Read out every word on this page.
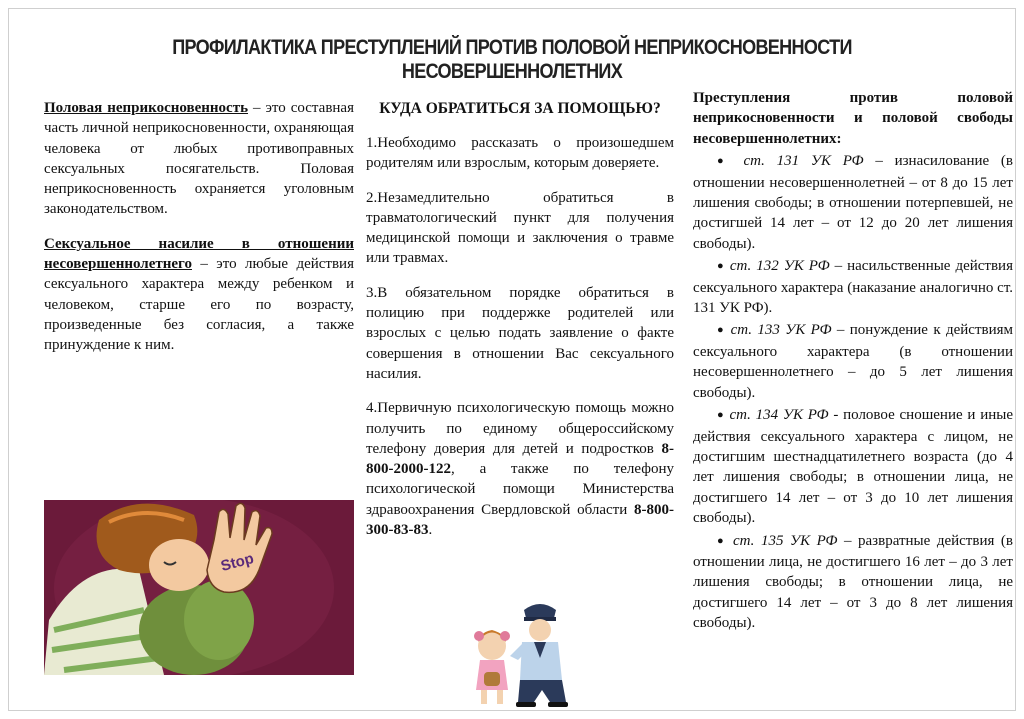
ПРОФИЛАКТИКА ПРЕСТУПЛЕНИЙ ПРОТИВ ПОЛОВОЙ НЕПРИКОСНОВЕННОСТИ НЕСОВЕРШЕННОЛЕТНИХ

Половая неприкосновенность – это составная часть личной неприкосновенности, охраняющая человека от любых противоправных сексуальных посягательств. Половая неприкосновенность охраняется уголовным законодательством.

Сексуальное насилие в отношении несовершеннолетнего – это любые действия сексуального характера между ребенком и человеком, старше его по возрасту, произведенные без согласия, а также принуждение к ним.

Stop
КУДА ОБРАТИТЬСЯ ЗА ПОМОЩЬЮ?

1.Необходимо рассказать о произошедшем родителям или взрослым, которым доверяете.

2.Незамедлительно обратиться в травматологический пункт для получения медицинской помощи и заключения о травме или травмах.

3.В обязательном порядке обратиться в полицию при поддержке родителей или взрослых с целью подать заявление о факте совершения в отношении Вас сексуального насилия.

4.Первичную психологическую помощь можно получить по единому общероссийскому телефону доверия для детей и подростков 8-800-2000-122, а также по телефону психологической помощи Министерства здравоохранения Свердловской области 8-800-300-83-83.

Преступления против половой неприкосновенности и половой свободы несовершеннолетних:

● ст. 131 УК РФ – изнасилование (в отношении несовершеннолетней – от 8 до 15 лет лишения свободы; в отношении потерпевшей, не достигшей 14 лет – от 12 до 20 лет лишения свободы).

● ст. 132 УК РФ – насильственные действия сексуального характера (наказание аналогично ст. 131 УК РФ).

● ст. 133 УК РФ – понуждение к действиям сексуального характера (в отношении несовершеннолетнего – до 5 лет лишения свободы).

● ст. 134 УК РФ - половое сношение и иные действия сексуального характера с лицом, не достигшим шестнадцатилетнего возраста (до 4 лет лишения свободы; в отношении лица, не достигшего 14 лет – от 3 до 10 лет лишения свободы).

● ст. 135 УК РФ – развратные действия (в отношении лица, не достигшего 16 лет – до 3 лет лишения свободы; в отношении лица, не достигшего 14 лет – от 3 до 8 лет лишения свободы).
